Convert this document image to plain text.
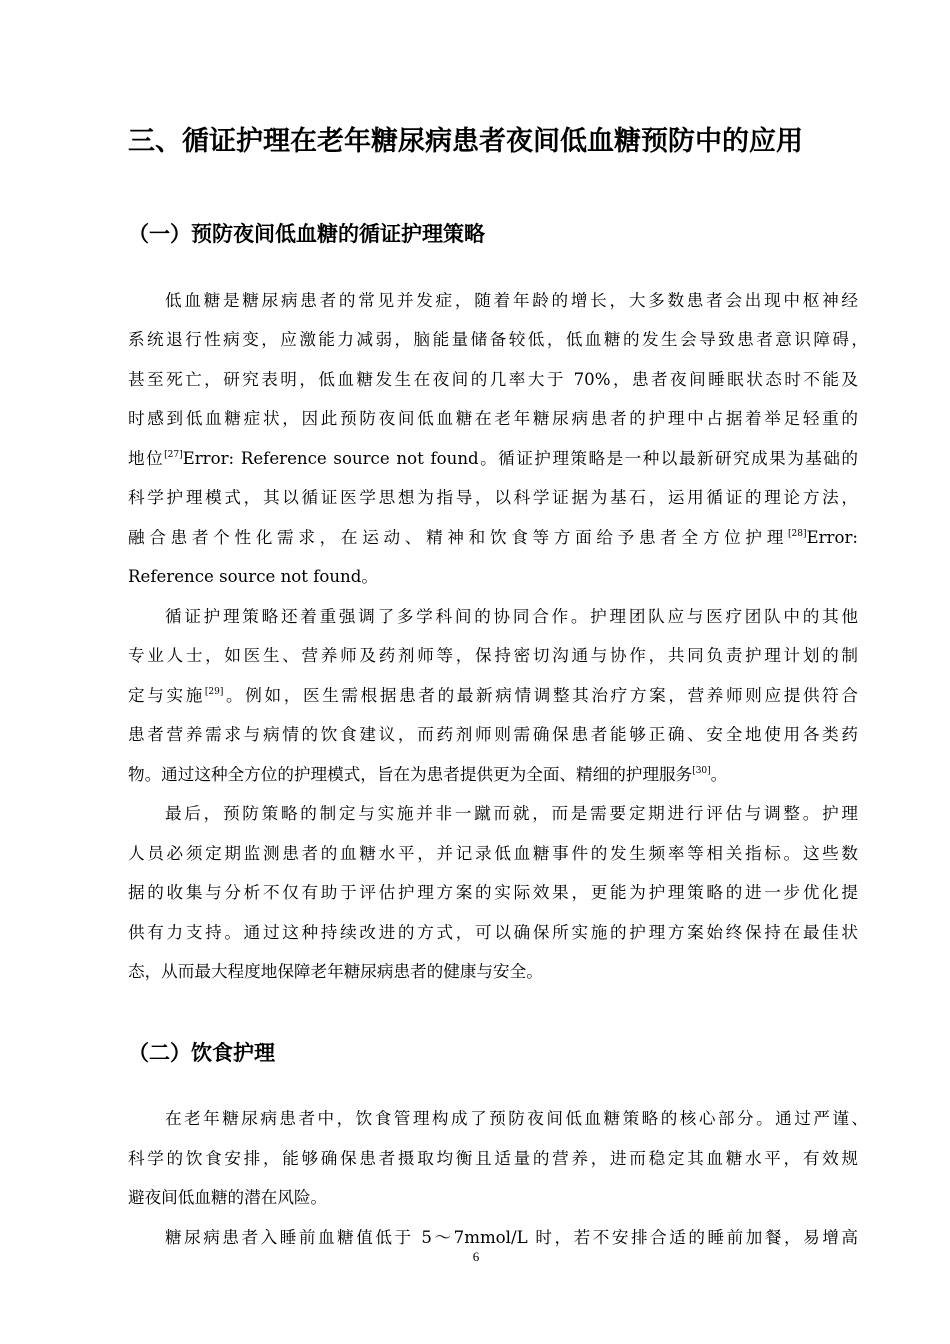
三、循证护理在老年糖尿病患者夜间低血糖预防中的应用
（一）预防夜间低血糖的循证护理策略

低血糖是糖尿病患者的常见并发症，随着年龄的增长，大多数患者会出现中枢神经

系统退行性病变，应激能力减弱，脑能量储备较低，低血糖的发生会导致患者意识障碍，

甚至死亡，研究表明，低血糖发生在夜间的几率大于 70%，患者夜间睡眠状态时不能及

时感到低血糖症状，因此预防夜间低血糖在老年糖尿病患者的护理中占据着举足轻重的

地位[27]Error: Reference source not found。循证护理策略是一种以最新研究成果为基础的

科学护理模式，其以循证医学思想为指导，以科学证据为基石，运用循证的理论方法，

融合患者个性化需求，在运动、精神和饮食等方面给予患者全方位护理[28]Error:

Reference source not found。

循证护理策略还着重强调了多学科间的协同合作。护理团队应与医疗团队中的其他

专业人士，如医生、营养师及药剂师等，保持密切沟通与协作，共同负责护理计划的制

定与实施[29]。例如，医生需根据患者的最新病情调整其治疗方案，营养师则应提供符合

患者营养需求与病情的饮食建议，而药剂师则需确保患者能够正确、安全地使用各类药

物。通过这种全方位的护理模式，旨在为患者提供更为全面、精细的护理服务[30]。

最后，预防策略的制定与实施并非一蹴而就，而是需要定期进行评估与调整。护理

人员必须定期监测患者的血糖水平，并记录低血糖事件的发生频率等相关指标。这些数

据的收集与分析不仅有助于评估护理方案的实际效果，更能为护理策略的进一步优化提

供有力支持。通过这种持续改进的方式，可以确保所实施的护理方案始终保持在最佳状

态，从而最大程度地保障老年糖尿病患者的健康与安全。

（二）饮食护理

在老年糖尿病患者中，饮食管理构成了预防夜间低血糖策略的核心部分。通过严谨、

科学的饮食安排，能够确保患者摄取均衡且适量的营养，进而稳定其血糖水平，有效规

避夜间低血糖的潜在风险。

糖尿病患者入睡前血糖值低于 5～7mmol/L 时，若不安排合适的睡前加餐，易增高

6
